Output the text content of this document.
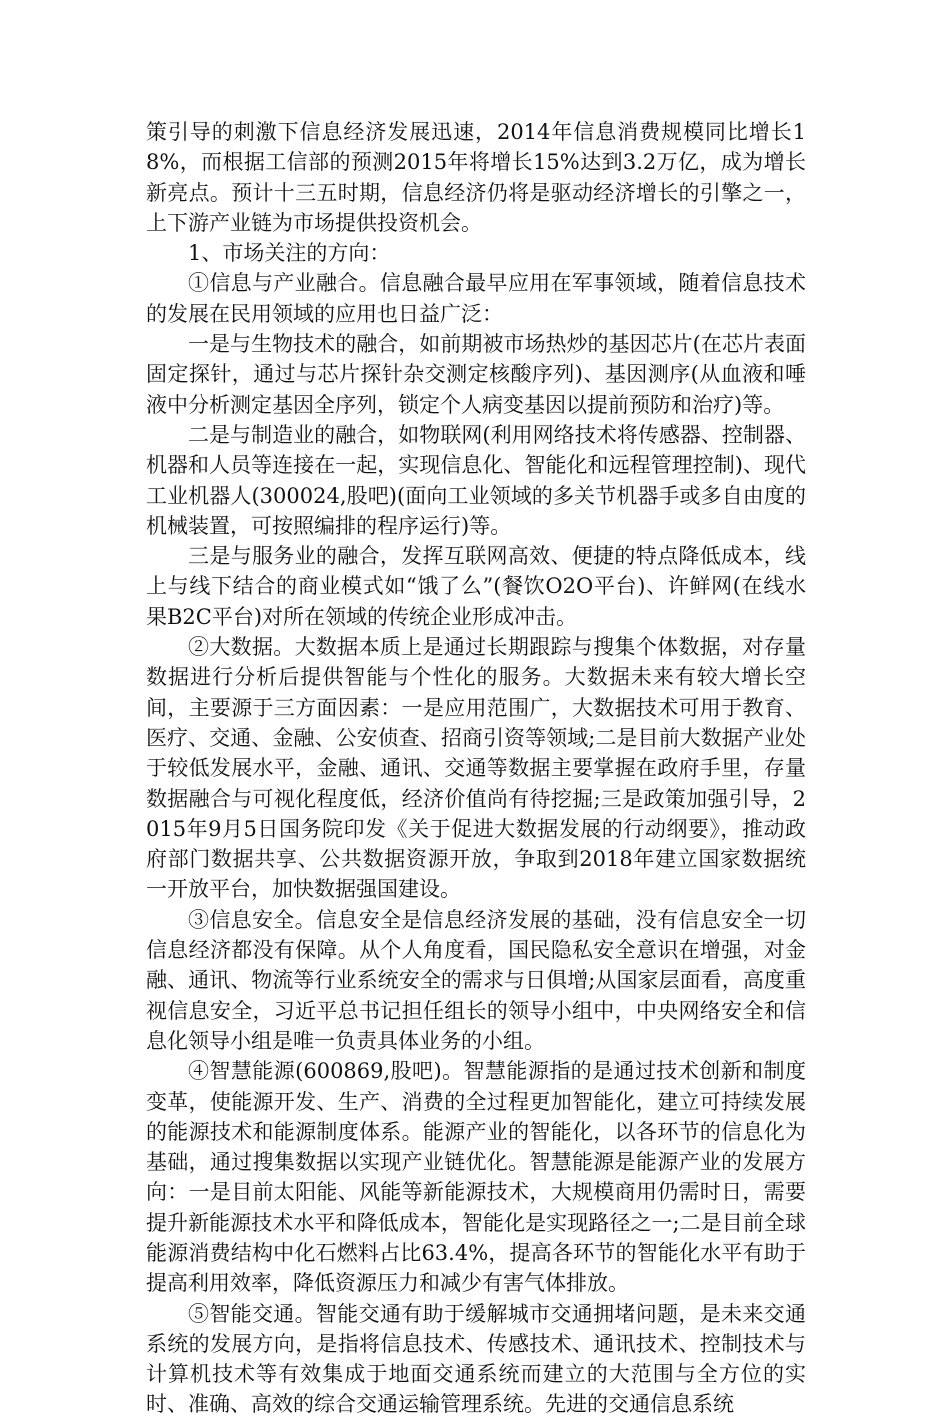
策引导的刺激下信息经济发展迅速，2014年信息消费规模同比增长18%，而根据工信部的预测2015年将增长15%达到3.2万亿，成为增长新亮点。预计十三五时期，信息经济仍将是驱动经济增长的引擎之一，上下游产业链为市场提供投资机会。

1、市场关注的方向：

①信息与产业融合。信息融合最早应用在军事领域，随着信息技术的发展在民用领域的应用也日益广泛：

一是与生物技术的融合，如前期被市场热炒的基因芯片(在芯片表面固定探针，通过与芯片探针杂交测定核酸序列)、基因测序(从血液和唾液中分析测定基因全序列，锁定个人病变基因以提前预防和治疗)等。

二是与制造业的融合，如物联网(利用网络技术将传感器、控制器、机器和人员等连接在一起，实现信息化、智能化和远程管理控制)、现代工业机器人(300024,股吧)(面向工业领域的多关节机器手或多自由度的机械装置，可按照编排的程序运行)等。

三是与服务业的融合，发挥互联网高效、便捷的特点降低成本，线上与线下结合的商业模式如“饿了么”(餐饮O2O平台)、许鲜网(在线水果B2C平台)对所在领域的传统企业形成冲击。

②大数据。大数据本质上是通过长期跟踪与搜集个体数据，对存量数据进行分析后提供智能与个性化的服务。大数据未来有较大增长空间，主要源于三方面因素：一是应用范围广，大数据技术可用于教育、医疗、交通、金融、公安侦查、招商引资等领域;二是目前大数据产业处于较低发展水平，金融、通讯、交通等数据主要掌握在政府手里，存量数据融合与可视化程度低，经济价值尚有待挖掘;三是政策加强引导，2015年9月5日国务院印发《关于促进大数据发展的行动纲要》，推动政府部门数据共享、公共数据资源开放，争取到2018年建立国家数据统一开放平台，加快数据强国建设。

③信息安全。信息安全是信息经济发展的基础，没有信息安全一切信息经济都没有保障。从个人角度看，国民隐私安全意识在增强，对金融、通讯、物流等行业系统安全的需求与日俱增;从国家层面看，高度重视信息安全，习近平总书记担任组长的领导小组中，中央网络安全和信息化领导小组是唯一负责具体业务的小组。

④智慧能源(600869,股吧)。智慧能源指的是通过技术创新和制度变革，使能源开发、生产、消费的全过程更加智能化，建立可持续发展的能源技术和能源制度体系。能源产业的智能化，以各环节的信息化为基础，通过搜集数据以实现产业链优化。智慧能源是能源产业的发展方向：一是目前太阳能、风能等新能源技术，大规模商用仍需时日，需要提升新能源技术水平和降低成本，智能化是实现路径之一;二是目前全球能源消费结构中化石燃料占比63.4%，提高各环节的智能化水平有助于提高利用效率，降低资源压力和减少有害气体排放。

⑤智能交通。智能交通有助于缓解城市交通拥堵问题，是未来交通系统的发展方向，是指将信息技术、传感技术、通讯技术、控制技术与计算机技术等有效集成于地面交通系统而建立的大范围与全方位的实时、准确、高效的综合交通运输管理系统。先进的交通信息系统
